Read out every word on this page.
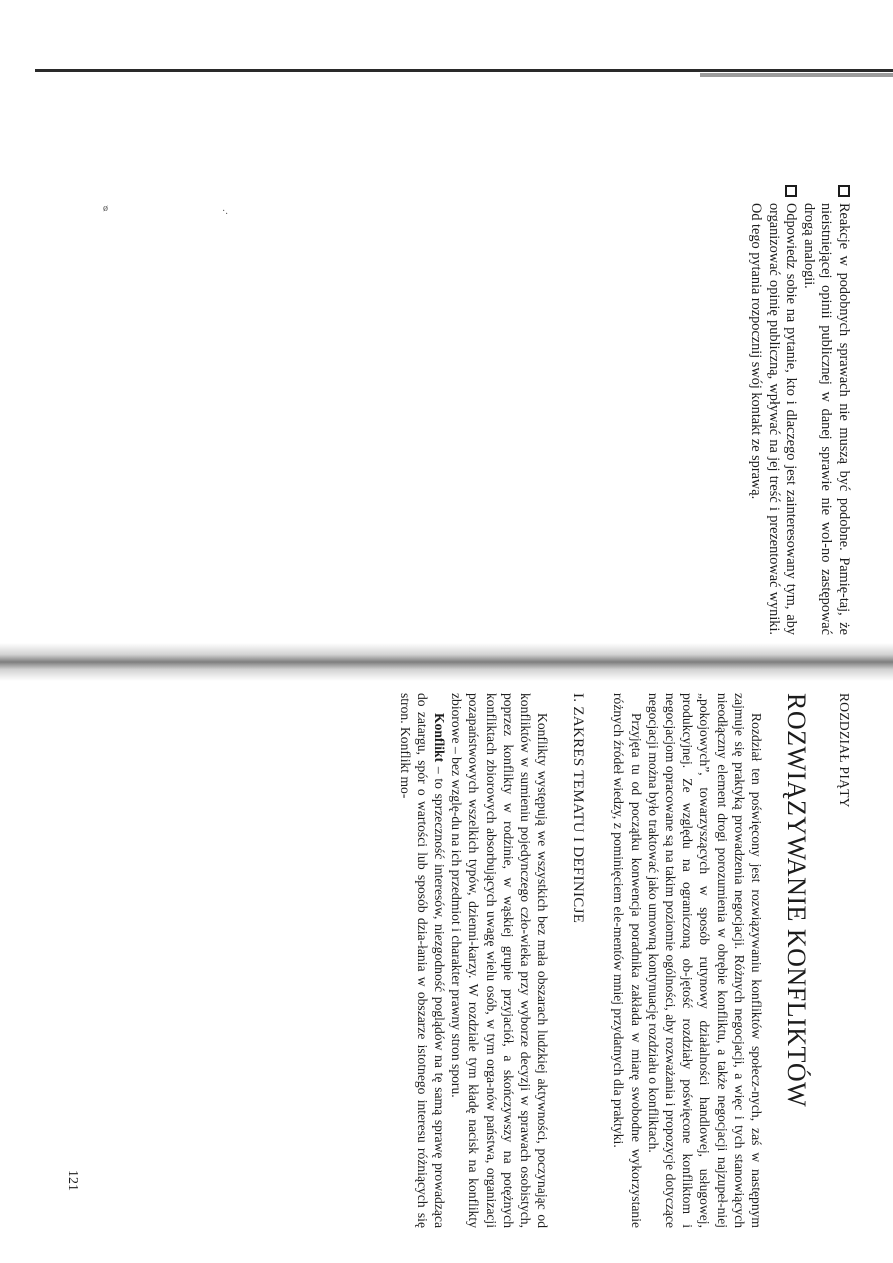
ø	·.	Reakcje w podobnych sprawach nie muszą być podobne. Pamię-taj, że nieistniejącej opinii publicznej w danej sprawie nie wol-no zastępować drogą analogii.
Odpowiedz sobie na pytanie, kto i dlaczego jest zainteresowany tym, aby organizować opinię publiczną, wpływać na jej treść i prezentować wyniki. Od tego pytania rozpocznij swój kontakt ze sprawą.
ROZDZIAŁ PIĄTY
ROZWIĄZYWANIE KONFLIKTÓW

Rozdział ten poświęcony jest rozwiązywaniu konfliktów społecz-nych, zaś w następnym zajmuje się praktyką prowadzenia negocjacji. Różnych negocjacji, a więc i tych stanowiących nieodłączny element drogi porozumienia w obrębie konfliktu, a także negocjacji najzupeł-niej „pokojowych”, towarzyszących w sposób rutynowy działalności handlowej, usługowej, produkcyjnej. Ze względu na ograniczoną ob-jętość rozdziały poświęcone konfliktom i negocjacjom opracowane są na takim poziomie ogólności, aby rozważania i propozycje dotyczące negocjacji można było traktować jako umowną kontynuację rozdziału o konfliktach.

Przyjęta tu od początku konwencja poradnika zakłada w miarę swobodne wykorzystanie różnych źródeł wiedzy, z pominięciem ele-mentów mniej przydatnych dla praktyki.

I. ZAKRES TEMATU I DEFINICJE

Konflikty występują we wszystkich bez mała obszarach ludzkiej aktywności, poczynając od konfliktów w sumieniu pojedynczego czło-wieka przy wyborze decyzji w sprawach osobistych, poprzez konflikty w rodzinie, w wąskiej grupie przyjaciół, a skończywszy na potężnych konfliktach zbiorowych absorbujących uwagę wielu osób, w tym orga-nów państwa, organizacji pozapaństwowych wszelkich typów, dzienni-karzy. W rozdziale tym kładę nacisk na konflikty zbiorowe – bez wzglę-du na ich przedmiot i charakter prawny stron sporu.

Konflikt – to sprzeczność interesów, niezgodność poglądów na tę samą sprawę prowadząca do zatargu, spór o wartości lub sposób dzia-łania w obszarze istotnego interesu różniących się stron. Konflikt mo-

121
